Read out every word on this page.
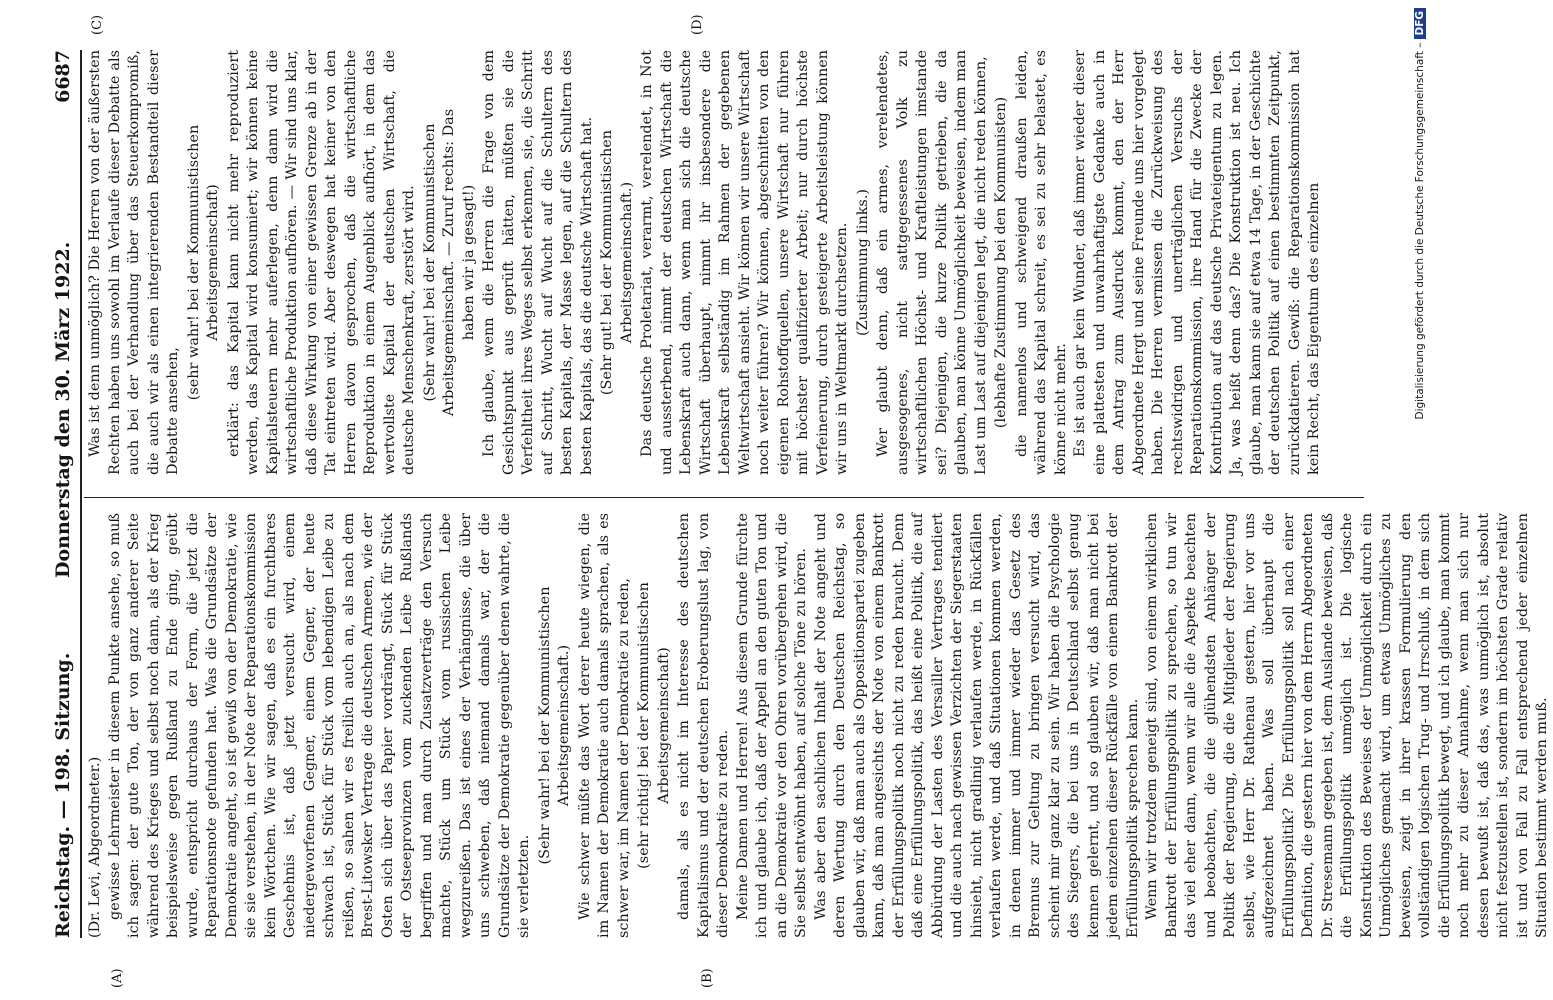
Reichstag. — 198. Sitzung.
Donnerstag den 30. März 1922.
6687
(A)	(B)
(C)	(D)

(Dr. Levi, Abgeordneter.) gewisse Lehrmeister in diesem Punkte ansehe, so muß ich sagen: der gute Ton, der von ganz anderer Seite während des Krieges und selbst noch dann, als der Krieg beispielsweise gegen Rußland zu Ende ging, geübt wurde, entspricht durchaus der Form, die jetzt die Reparationsnote gefunden hat. Was die Grundsätze der Demokratie angeht, so ist gewiß von der Demokratie, wie sie sie verstehen, in der Note der Reparationskommission kein Wörtchen. Wie wir sagen, daß es ein furchtbares Geschehnis ist, daß jetzt versucht wird, einem niedergeworfenen Gegner, einem Gegner, der heute schwach ist, Stück für Stück vom lebendigen Leibe zu reißen, so sahen wir es freilich auch an, als nach dem Brest-Litowsker Vertrage die deutschen Armeen, wie der Osten sich über das Papier vordrängt, Stück für Stück der Ostseeprovinzen vom zuckenden Leibe Rußlands begriffen und man durch Zusatzverträge den Versuch machte, Stück um Stück vom russischen Leibe wegzureißen. Das ist eines der Verhängnisse, die über uns schweben, daß niemand damals war, der die Grundsätze der Demokratie gegenüber denen wahrte, die sie verletzten.

(Sehr wahr! bei der Kommunistischen Arbeitsgemeinschaft.) Wie schwer müßte das Wort derer heute wiegen, die im Namen der Demokratie auch damals sprachen, als es schwer war, im Namen der Demokratie zu reden, (sehr richtig! bei der Kommunistischen Arbeitsgemeinschaft) damals, als es nicht im Interesse des deutschen Kapitalismus und der deutschen Eroberungslust lag, von dieser Demokratie zu reden. Meine Damen und Herren! Aus diesem Grunde fürchte ich und glaube ich, daß der Appell an den guten Ton und an die Demokratie vor den Ohren vorübergehen wird, die Sie selbst entwöhnt haben, auf solche Töne zu hören. Was aber den sachlichen Inhalt der Note angeht und deren Wertung durch den Deutschen Reichstag, so glauben wir, daß man auch als Oppositionspartei zugeben kann, daß man angesichts der Note von einem Bankrott der Erfüllungspolitik noch nicht zu reden braucht. Denn daß eine Erfüllungspolitik, das heißt eine Politik, die auf Abbürdung der Lasten des Versailler Vertrages tendiert und die auch nach gewissen Verzichten der Siegerstaaten hinsieht, nicht gradlinig verlaufen werde, in Rückfällen verlaufen werde, und daß Situationen kommen werden, in denen immer und immer wieder das Gesetz des Brennus zur Geltung zu bringen versucht wird, das scheint mir ganz klar zu sein. Wir haben die Psychologie des Siegers, die bei uns in Deutschland selbst genug kennen gelernt, und so glauben wir, daß man nicht bei jedem einzelnen dieser Rückfälle von einem Bankrott der Erfüllungspolitik sprechen kann. Wenn wir trotzdem geneigt sind, von einem wirklichen Bankrott der Erfüllungspolitik zu sprechen, so tun wir das viel eher dann, wenn wir alle die Aspekte beachten und beobachten, die die glühendsten Anhänger der Politik der Regierung, die die Mitglieder der Regierung selbst, wie Herr Dr. Rathenau gestern, hier vor uns aufgezeichnet haben. Was soll überhaupt die Erfüllungspolitik? Die Erfüllungspolitik soll nach einer Definition, die gestern hier von dem Herrn Abgeordneten Dr. Stresemann gegeben ist, dem Auslande beweisen, daß die Erfüllungspolitik unmöglich ist. Die logische Konstruktion des Beweises der Unmöglichkeit durch ein Unmögliches gemacht wird, um etwas Unmögliches zu beweisen, zeigt in ihrer krassen Formulierung den vollständigen logischen Trug- und Irrschluß, in dem sich die Erfüllungspolitik bewegt, und ich glaube, man kommt noch mehr zu dieser Annahme, wenn man sich nur dessen bewußt ist, daß das, was unmöglich ist, absolut nicht festzustellen ist, sondern im höchsten Grade relativ ist und von Fall zu Fall entsprechend jeder einzelnen Situation bestimmt werden muß.

Was ist denn unmöglich? Die Herren von der äußersten Rechten haben uns sowohl im Verlaufe dieser Debatte als auch bei der Verhandlung über das Steuerkompromiß, die auch wir als einen integrierenden Bestandteil dieser Debatte ansehen,

(sehr wahr! bei der Kommunistischen Arbeitsgemeinschaft) erklärt: das Kapital kann nicht mehr reproduziert werden, das Kapital wird konsumiert; wir können keine Kapitalsteuern mehr auferlegen, denn dann wird die wirtschaftliche Produktion aufhören. — Wir sind uns klar, daß diese Wirkung von einer gewissen Grenze ab in der Tat eintreten wird. Aber deswegen hat keiner von den Herren davon gesprochen, daß die wirtschaftliche Reproduktion in einem Augenblick aufhört, in dem das wertvollste Kapital der deutschen Wirtschaft, die deutsche Menschenkraft, zerstört wird. (Sehr wahr! bei der Kommunistischen Arbeitsgemeinschaft. — Zuruf rechts: Das haben wir ja gesagt!) Ich glaube, wenn die Herren die Frage von dem Gesichtspunkt aus geprüft hätten, müßten sie die Verfehltheit ihres Weges selbst erkennen, sie, die Schritt auf Schritt, Wucht auf Wucht auf die Schultern des besten Kapitals, der Masse legen, auf die Schultern des besten Kapitals, das die deutsche Wirtschaft hat. (Sehr gut! bei der Kommunistischen Arbeitsgemeinschaft.) Das deutsche Proletariat, verarmt, verelendet, in Not und aussterbend, nimmt der deutschen Wirtschaft die Lebenskraft auch dann, wenn man sich die deutsche Wirtschaft überhaupt, nimmt ihr insbesondere die Lebenskraft selbständig im Rahmen der gegebenen Weltwirtschaft ansieht. Wir können wir unsere Wirtschaft noch weiter führen? Wir können, abgeschnitten von den eigenen Rohstoffquellen, unsere Wirtschaft nur führen mit höchster qualifizierter Arbeit; nur durch höchste Verfeinerung, durch gesteigerte Arbeitsleistung können wir uns in Weltmarkt durchsetzen. (Zustimmung links.) Wer glaubt denn, daß ein armes, verelendetes, ausgesogenes, nicht sattgegessenes Volk zu wirtschaftlichen Höchst- und Kraftleistungen imstande sei? Diejenigen, die kurze Politik getrieben, die da glauben, man könne Unmöglichkeit beweisen, indem man Last um Last auf diejenigen legt, die nicht reden können, (lebhafte Zustimmung bei den Kommunisten) die namenlos und schweigend draußen leiden, während das Kapital schreit, es sei zu sehr belastet, es könne nicht mehr. Es ist auch gar kein Wunder, daß immer wieder dieser eine plattesten und unwahrhaftigste Gedanke auch in dem Antrag zum Ausdruck kommt, den der Herr Abgeordnete Hergt und seine Freunde uns hier vorgelegt haben. Die Herren vermissen die Zurückweisung des rechtswidrigen und unerträglichen Versuchs der Reparationskommission, ihre Hand für die Zwecke der Kontribution auf das deutsche Privateigentum zu legen. Ja, was heißt denn das? Die Konstruktion ist neu. Ich glaube, man kann sie auf etwa 14 Tage, in der Geschichte der deutschen Politik auf einen bestimmten Zeitpunkt, zurückdatieren. Gewiß: die Reparationskommission hat kein Recht, das Eigentum des einzelnen	Digitalisierung gefördert durch die Deutsche Forschungsgemeinschaft –DFG
